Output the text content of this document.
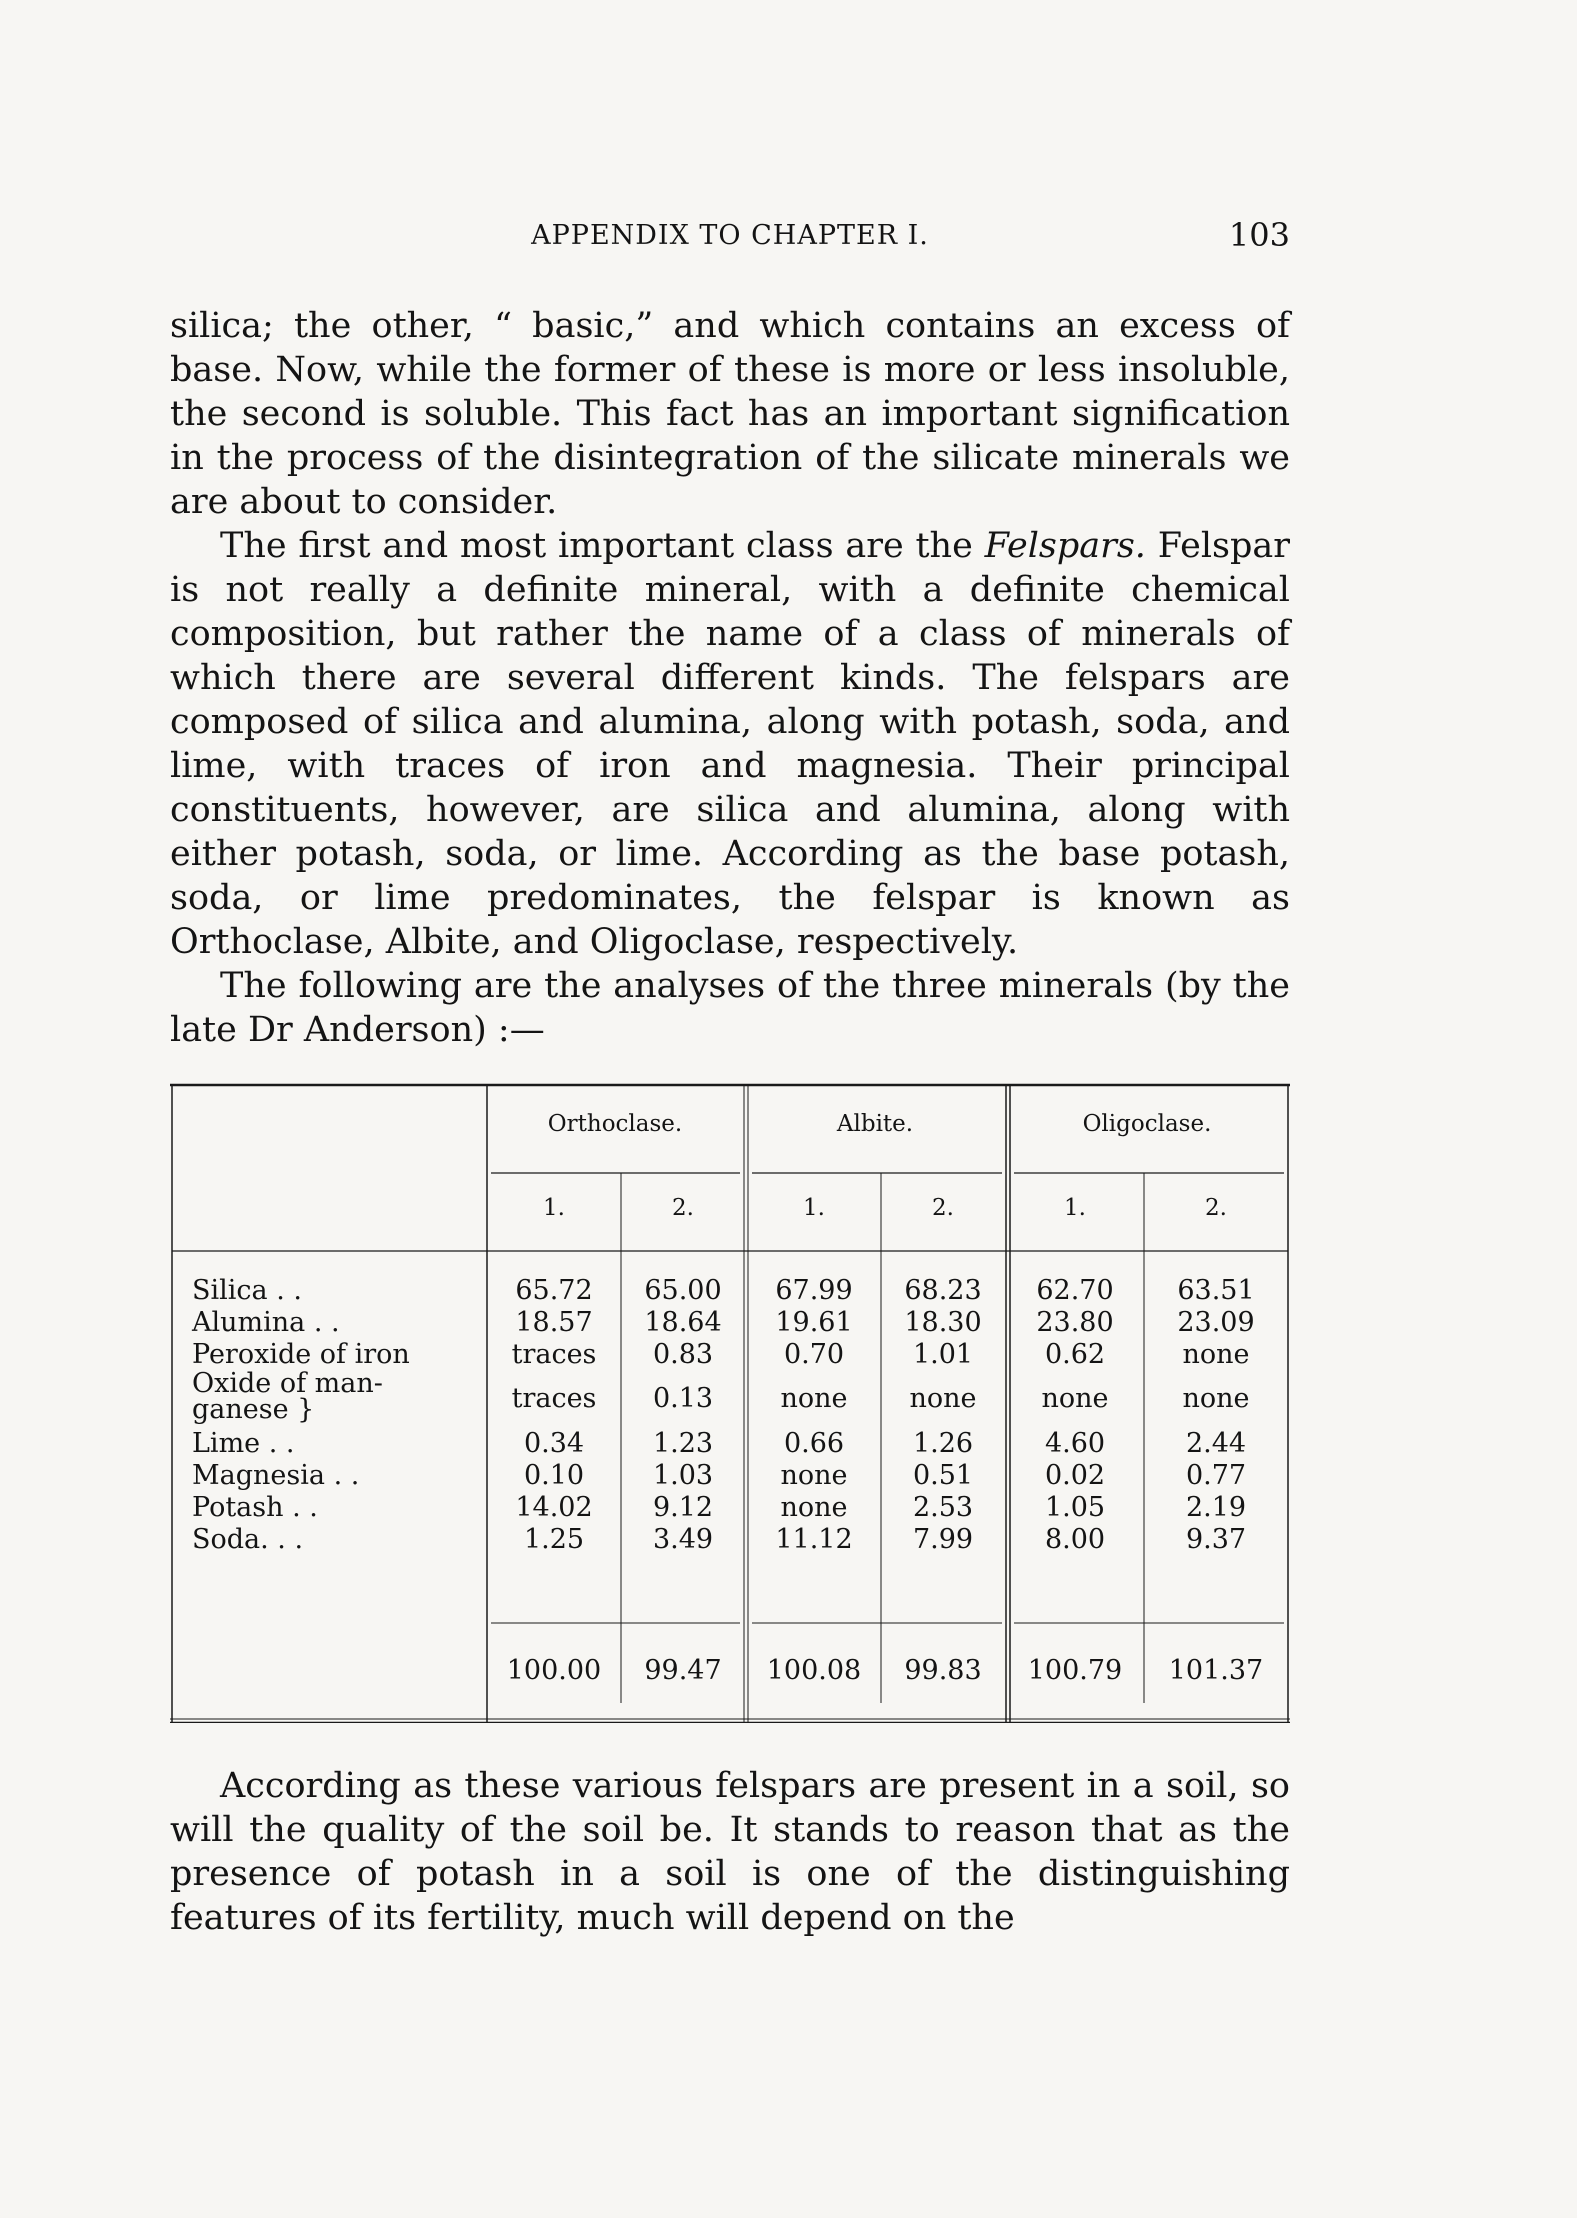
APPENDIX TO CHAPTER I.	103
silica; the other, “ basic,” and which contains an excess of base. Now, while the former of these is more or less insoluble, the second is soluble. This fact has an important signification in the process of the disintegration of the silicate minerals we are about to consider.
The first and most important class are the Felspars. Felspar is not really a definite mineral, with a definite chemical composition, but rather the name of a class of minerals of which there are several different kinds. The felspars are composed of silica and alumina, along with potash, soda, and lime, with traces of iron and magnesia. Their principal constituents, however, are silica and alumina, along with either potash, soda, or lime. According as the base potash, soda, or lime predominates, the felspar is known as Orthoclase, Albite, and Oligoclase, respectively.
The following are the analyses of the three minerals (by the late Dr Anderson) :—
Orthoclase.	Albite.	Oligoclase.
1.	2.	1.	2.	1.	2.
Silica . .	65.72	65.00	67.99	68.23	62.70	63.51
Alumina . .	18.57	18.64	19.61	18.30	23.80	23.09
Peroxide of iron	traces	0.83	0.70	1.01	0.62	none
Oxide of man- ganese }	traces	0.13	none	none	none	none
Lime . .	0.34	1.23	0.66	1.26	4.60	2.44
Magnesia . .	0.10	1.03	none	0.51	0.02	0.77
Potash . .	14.02	9.12	none	2.53	1.05	2.19
Soda. . .	1.25	3.49	11.12	7.99	8.00	9.37
100.00	99.47	100.08	99.83	100.79	101.37
According as these various felspars are present in a soil, so will the quality of the soil be. It stands to reason that as the presence of potash in a soil is one of the distinguishing features of its fertility, much will depend on the
